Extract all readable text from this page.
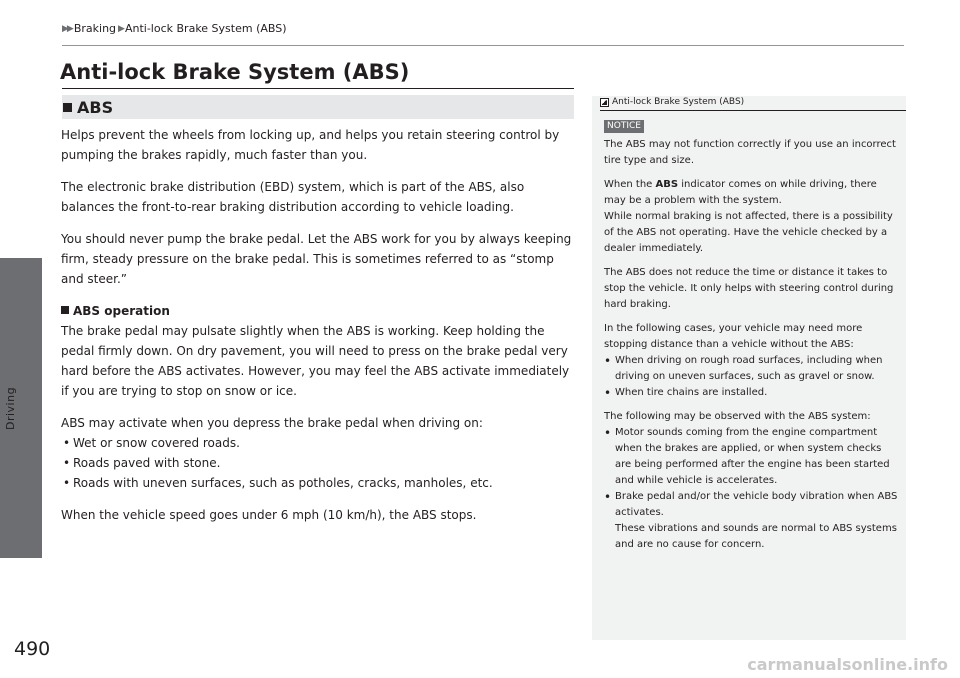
Driving
490
▶▶ Braking ▶ Anti-lock Brake System (ABS)
Anti-lock Brake System (ABS)
ABS

Helps prevent the wheels from locking up, and helps you retain steering control by pumping the brakes rapidly, much faster than you.

The electronic brake distribution (EBD) system, which is part of the ABS, also balances the front-to-rear braking distribution according to vehicle loading.

You should never pump the brake pedal. Let the ABS work for you by always keeping firm, steady pressure on the brake pedal. This is sometimes referred to as “stomp and steer.”

ABS operation

The brake pedal may pulsate slightly when the ABS is working. Keep holding the pedal firmly down. On dry pavement, you will need to press on the brake pedal very hard before the ABS activates. However, you may feel the ABS activate immediately if you are trying to stop on snow or ice.

ABS may activate when you depress the brake pedal when driving on:
• Wet or snow covered roads.
• Roads paved with stone.
• Roads with uneven surfaces, such as potholes, cracks, manholes, etc.

When the vehicle speed goes under 6 mph (10 km/h), the ABS stops.

Anti-lock Brake System (ABS)
NOTICE

The ABS may not function correctly if you use an incorrect tire type and size.

When the ABS indicator comes on while driving, there may be a problem with the system.

While normal braking is not affected, there is a possibility of the ABS not operating. Have the vehicle checked by a dealer immediately.

The ABS does not reduce the time or distance it takes to stop the vehicle. It only helps with steering control during hard braking.

In the following cases, your vehicle may need more stopping distance than a vehicle without the ABS:
• When driving on rough road surfaces, including when driving on uneven surfaces, such as gravel or snow.
• When tire chains are installed.
The following may be observed with the ABS system:
• Motor sounds coming from the engine compartment when the brakes are applied, or when system checks are being performed after the engine has been started and while vehicle is accelerates.
• Brake pedal and/or the vehicle body vibration when ABS activates.
These vibrations and sounds are normal to ABS systems and are no cause for concern.
carmanualsonline.info
